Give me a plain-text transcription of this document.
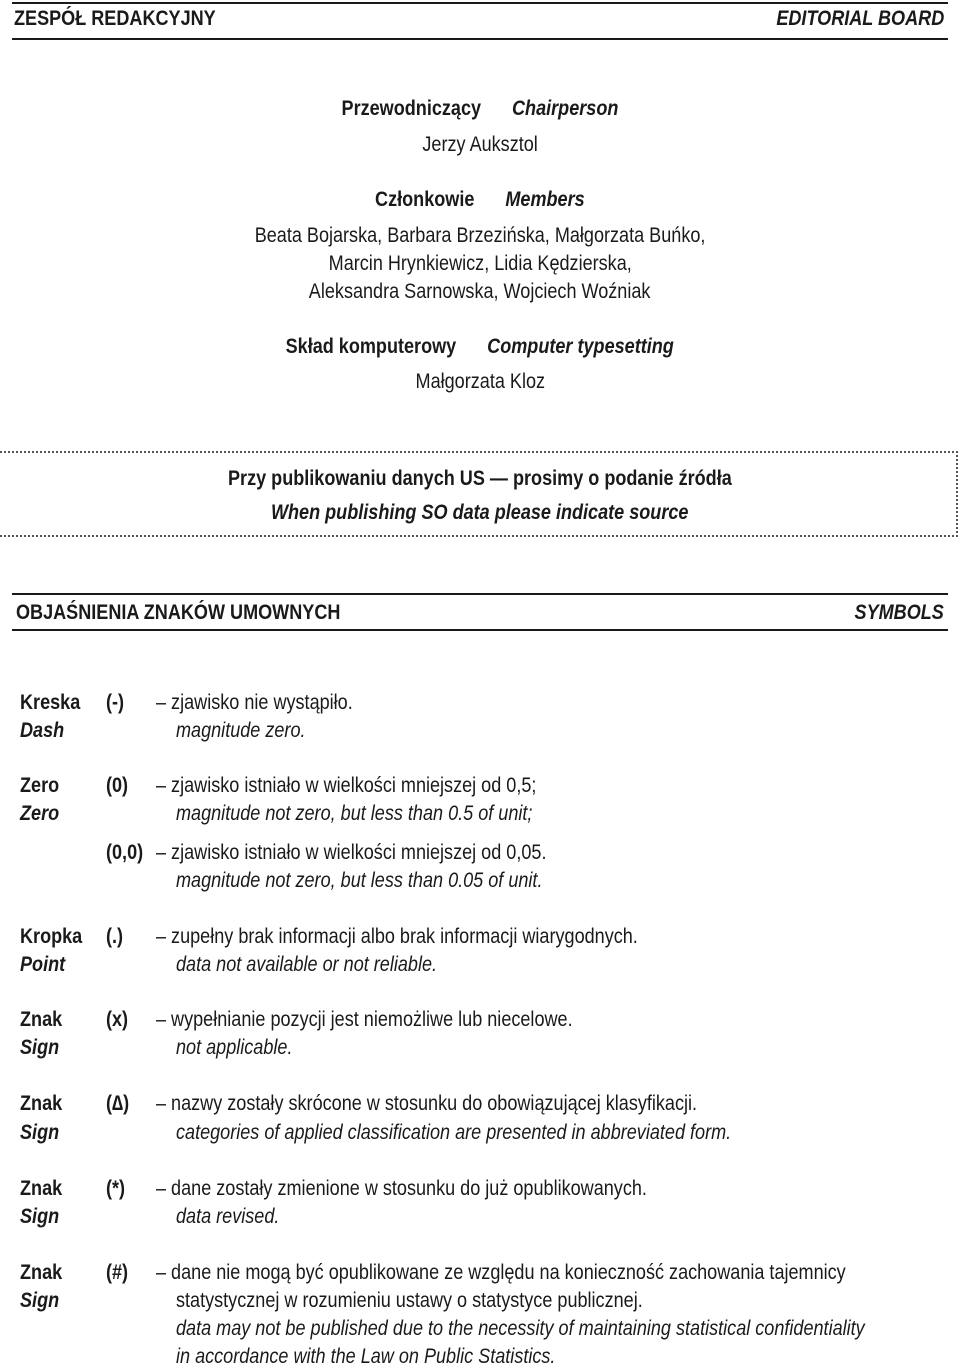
ZESPÓŁ REDAKCYJNY	EDITORIAL BOARD
Przewodniczący Chairperson
Jerzy Auksztol
Członkowie Members
Beata Bojarska, Barbara Brzezińska, Małgorzata Buńko,
Marcin Hrynkiewicz, Lidia Kędzierska,
Aleksandra Sarnowska, Wojciech Woźniak
Skład komputerowy Computer typesetting
Małgorzata Kloz
Przy publikowaniu danych US — prosimy o podanie źródła
When publishing SO data please indicate source
OBJAŚNIENIA ZNAKÓW UMOWNYCH	SYMBOLS
Kreska (-) – zjawisko nie wystąpiło.
Dash	magnitude zero.
Zero (0) – zjawisko istniało w wielkości mniejszej od 0,5;
Zero	magnitude not zero, but less than 0.5 of unit;
(0,0) – zjawisko istniało w wielkości mniejszej od 0,05.
magnitude not zero, but less than 0.05 of unit.
Kropka (.) – zupełny brak informacji albo brak informacji wiarygodnych.
Point	data not available or not reliable.
Znak (x) – wypełnianie pozycji jest niemożliwe lub niecelowe.
Sign	not applicable.
Znak (∆) – nazwy zostały skrócone w stosunku do obowiązującej klasyfikacji.
Sign	categories of applied classification are presented in abbreviated form.
Znak (*) – dane zostały zmienione w stosunku do już opublikowanych.
Sign	data revised.
Znak (#) – dane nie mogą być opublikowane ze względu na konieczność zachowania tajemnicy
Sign	statystycznej w rozumieniu ustawy o statystyce publicznej.
data may not be published due to the necessity of maintaining statistical confidentiality
in accordance with the Law on Public Statistics.
